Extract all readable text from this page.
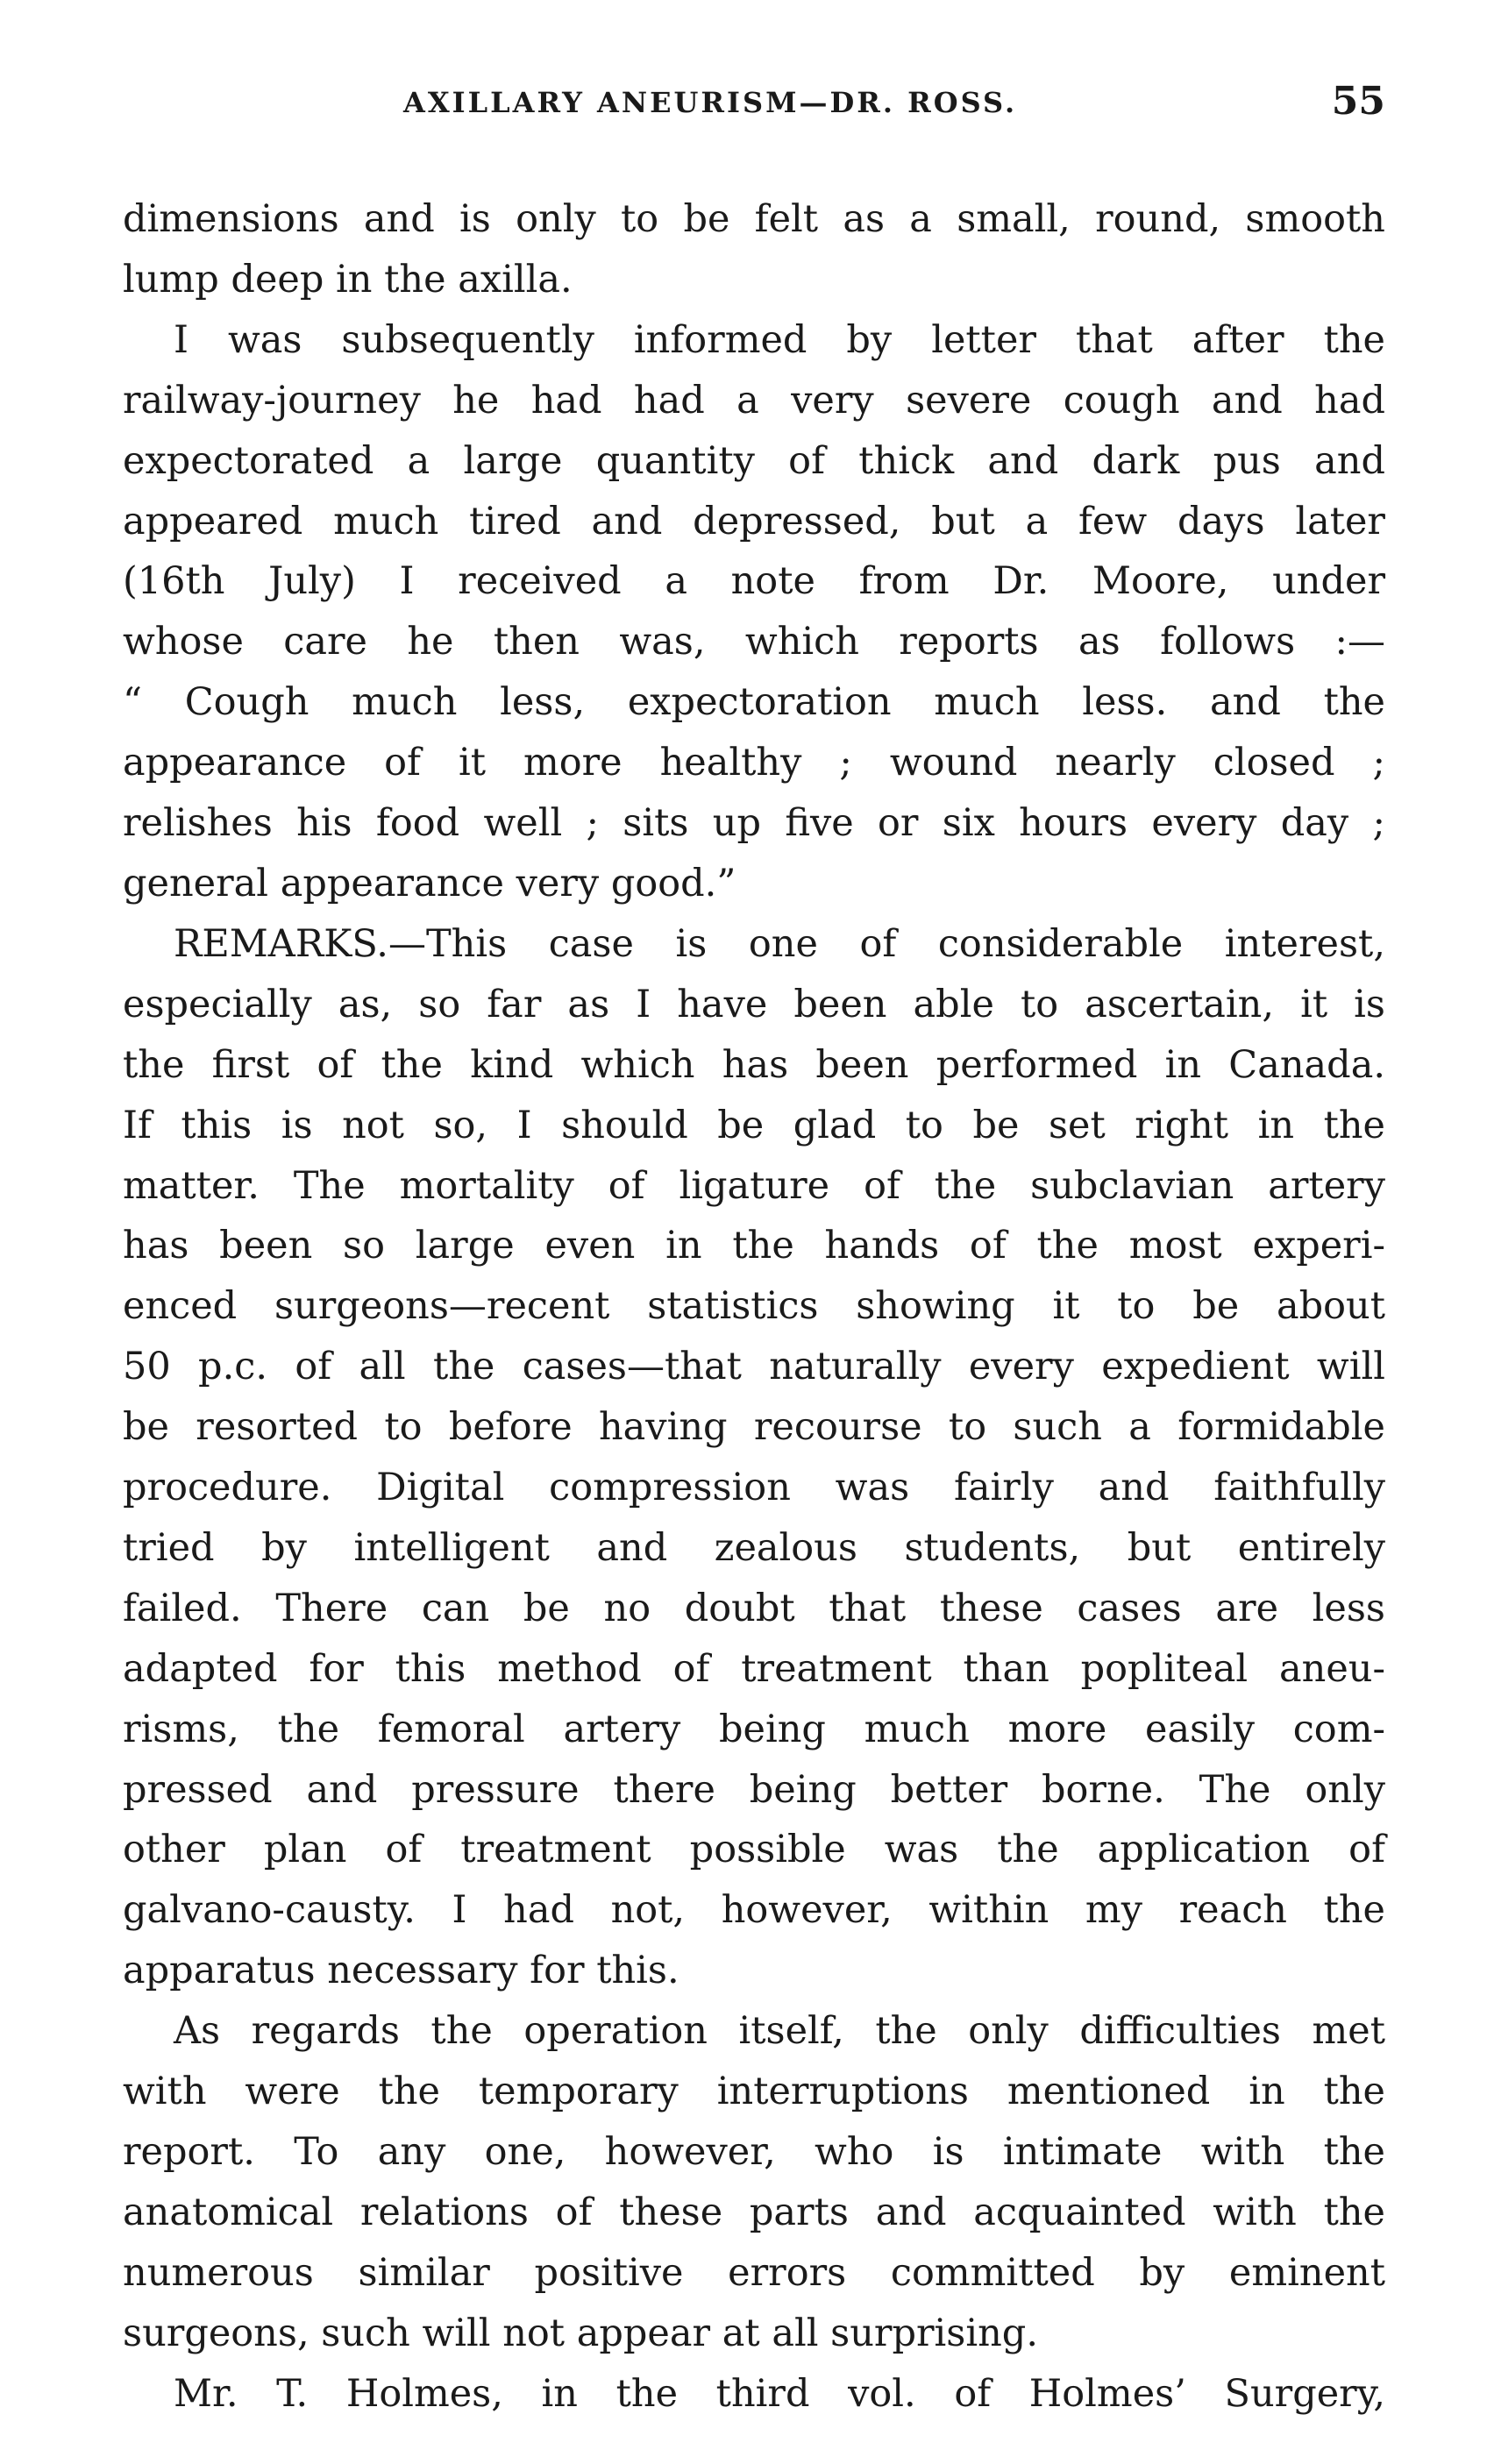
AXILLARY ANEURISM—DR. ROSS.	55
dimensions and is only to be felt as a small, round, smooth
lump deep in the axilla.
I was subsequently informed by letter that after the
railway-journey he had had a very severe cough and had
expectorated a large quantity of thick and dark pus and
appeared much tired and depressed, but a few days later
(16th July) I received a note from Dr. Moore, under
whose care he then was, which reports as follows :—
“ Cough much less, expectoration much less. and the
appearance of it more healthy ; wound nearly closed ;
relishes his food well ; sits up five or six hours every day ;
general appearance very good.”
REMARKS.—This case is one of considerable interest,
especially as, so far as I have been able to ascertain, it is
the first of the kind which has been performed in Canada.
If this is not so, I should be glad to be set right in the
matter. The mortality of ligature of the subclavian artery
has been so large even in the hands of the most experi-
enced surgeons—recent statistics showing it to be about
50 p.c. of all the cases—that naturally every expedient will
be resorted to before having recourse to such a formidable
procedure. Digital compression was fairly and faithfully
tried by intelligent and zealous students, but entirely
failed. There can be no doubt that these cases are less
adapted for this method of treatment than popliteal aneu-
risms, the femoral artery being much more easily com-
pressed and pressure there being better borne. The only
other plan of treatment possible was the application of
galvano-causty. I had not, however, within my reach the
apparatus necessary for this.
As regards the operation itself, the only difficulties met
with were the temporary interruptions mentioned in the
report. To any one, however, who is intimate with the
anatomical relations of these parts and acquainted with the
numerous similar positive errors committed by eminent
surgeons, such will not appear at all surprising.
Mr. T. Holmes, in the third vol. of Holmes’ Surgery,
